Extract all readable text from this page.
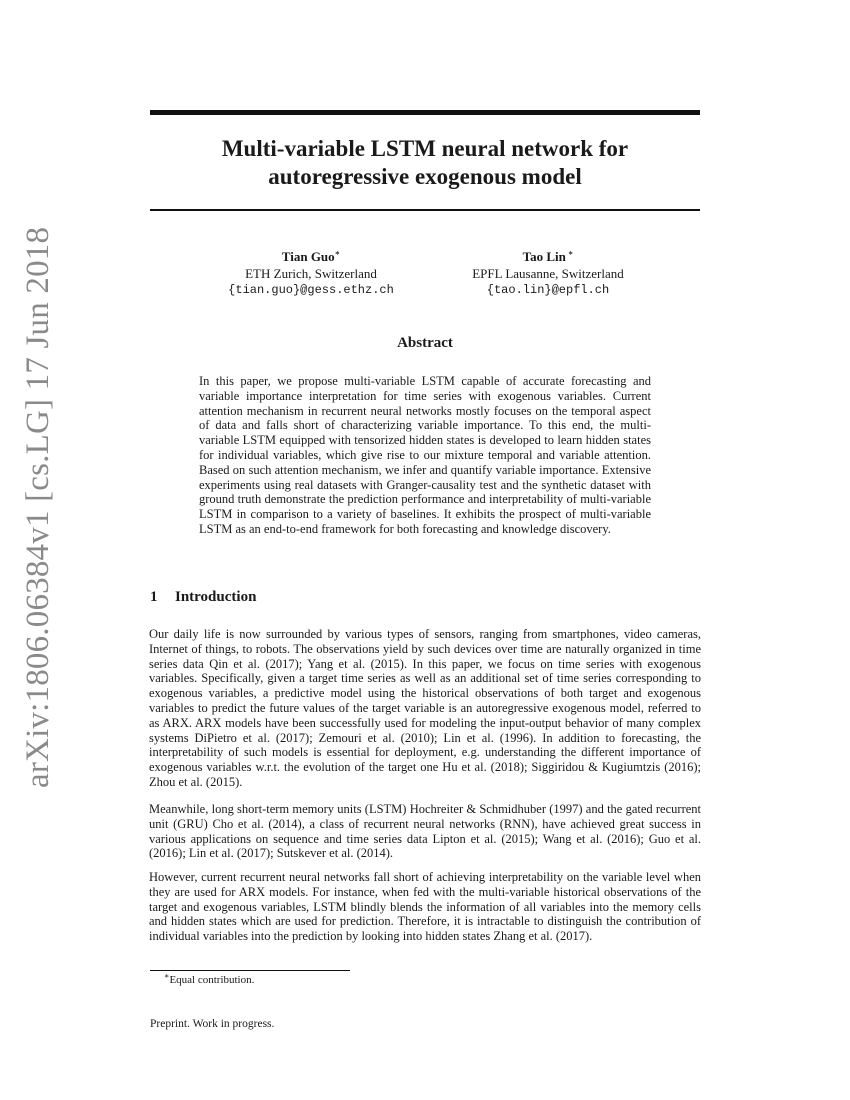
arXiv:1806.06384v1 [cs.LG] 17 Jun 2018
Multi-variable LSTM neural network for autoregressive exogenous model
Tian Guo∗
ETH Zurich, Switzerland
{tian.guo}@gess.ethz.ch
Tao Lin ∗
EPFL Lausanne, Switzerland
{tao.lin}@epfl.ch
Abstract

In this paper, we propose multi-variable LSTM capable of accurate forecasting and variable importance interpretation for time series with exogenous variables. Current attention mechanism in recurrent neural networks mostly focuses on the temporal aspect of data and falls short of characterizing variable importance. To this end, the multi-variable LSTM equipped with tensorized hidden states is developed to learn hidden states for individual variables, which give rise to our mixture temporal and variable attention. Based on such attention mechanism, we infer and quantify variable importance. Extensive experiments using real datasets with Granger-causality test and the synthetic dataset with ground truth demonstrate the prediction performance and interpretability of multi-variable LSTM in comparison to a variety of baselines. It exhibits the prospect of multi-variable LSTM as an end-to-end framework for both forecasting and knowledge discovery.

1 Introduction

Our daily life is now surrounded by various types of sensors, ranging from smartphones, video cameras, Internet of things, to robots. The observations yield by such devices over time are naturally organized in time series data Qin et al. (2017); Yang et al. (2015). In this paper, we focus on time series with exogenous variables. Specifically, given a target time series as well as an additional set of time series corresponding to exogenous variables, a predictive model using the historical observations of both target and exogenous variables to predict the future values of the target variable is an autoregressive exogenous model, referred to as ARX. ARX models have been successfully used for modeling the input-output behavior of many complex systems DiPietro et al. (2017); Zemouri et al. (2010); Lin et al. (1996). In addition to forecasting, the interpretability of such models is essential for deployment, e.g. understanding the different importance of exogenous variables w.r.t. the evolution of the target one Hu et al. (2018); Siggiridou & Kugiumtzis (2016); Zhou et al. (2015).

Meanwhile, long short-term memory units (LSTM) Hochreiter & Schmidhuber (1997) and the gated recurrent unit (GRU) Cho et al. (2014), a class of recurrent neural networks (RNN), have achieved great success in various applications on sequence and time series data Lipton et al. (2015); Wang et al. (2016); Guo et al. (2016); Lin et al. (2017); Sutskever et al. (2014).

However, current recurrent neural networks fall short of achieving interpretability on the variable level when they are used for ARX models. For instance, when fed with the multi-variable historical observations of the target and exogenous variables, LSTM blindly blends the information of all variables into the memory cells and hidden states which are used for prediction. Therefore, it is intractable to distinguish the contribution of individual variables into the prediction by looking into hidden states Zhang et al. (2017).

∗Equal contribution.

Preprint. Work in progress.
